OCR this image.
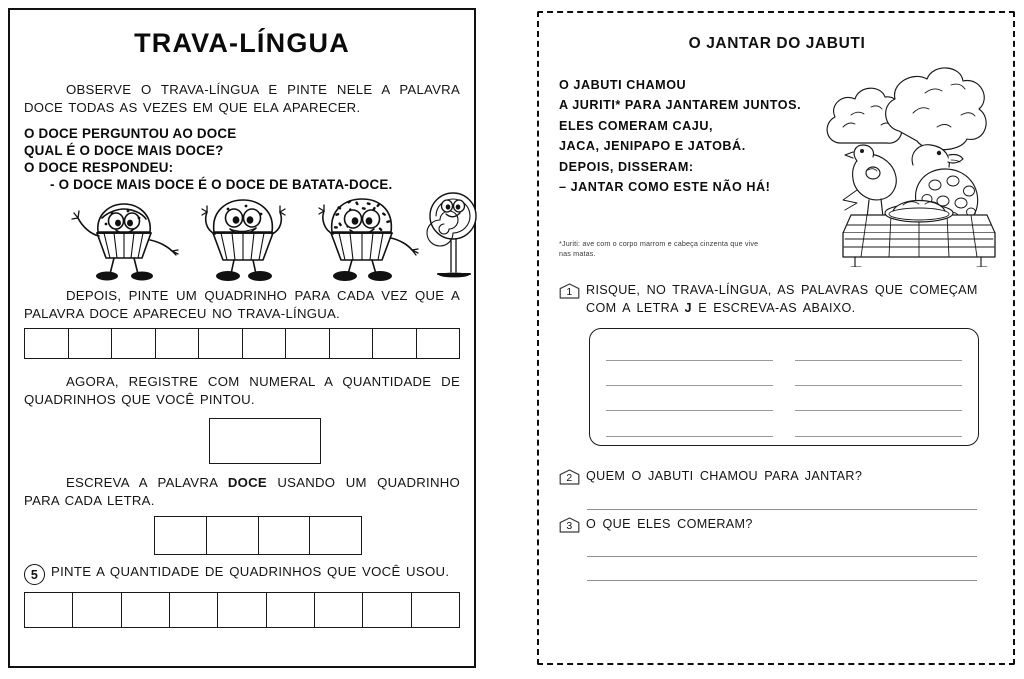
TRAVA-LÍNGUA

OBSERVE O TRAVA-LÍNGUA E PINTE NELE A PALAVRA DOCE TODAS AS VEZES EM QUE ELA APARECER.

O DOCE PERGUNTOU AO DOCE
QUAL É O DOCE MAIS DOCE?
O DOCE RESPONDEU:
- O DOCE MAIS DOCE É O DOCE DE BATATA-DOCE.

DEPOIS, PINTE UM QUADRINHO PARA CADA VEZ QUE A PALAVRA DOCE APARECEU NO TRAVA-LÍNGUA.

AGORA, REGISTRE COM NUMERAL A QUANTIDADE DE QUADRINHOS QUE VOCÊ PINTOU.

ESCREVA A PALAVRA DOCE USANDO UM QUADRINHO PARA CADA LETRA.

5 PINTE A QUANTIDADE DE QUADRINHOS QUE VOCÊ USOU.

O JANTAR DO JABUTI
O JABUTI CHAMOU
A JURITI* PARA JANTAREM JUNTOS.
ELES COMERAM CAJU,
JACA, JENIPAPO E JATOBÁ.
DEPOIS, DISSERAM:
– JANTAR COMO ESTE NÃO HÁ!
*Juriti: ave com o corpo marrom e cabeça cinzenta que vive nas matas.
1	RISQUE, NO TRAVA-LÍNGUA, AS PALAVRAS QUE COMEÇAM COM A LETRA J E ESCREVA-AS ABAIXO.
2	QUEM O JABUTI CHAMOU PARA JANTAR?
3	O QUE ELES COMERAM?
